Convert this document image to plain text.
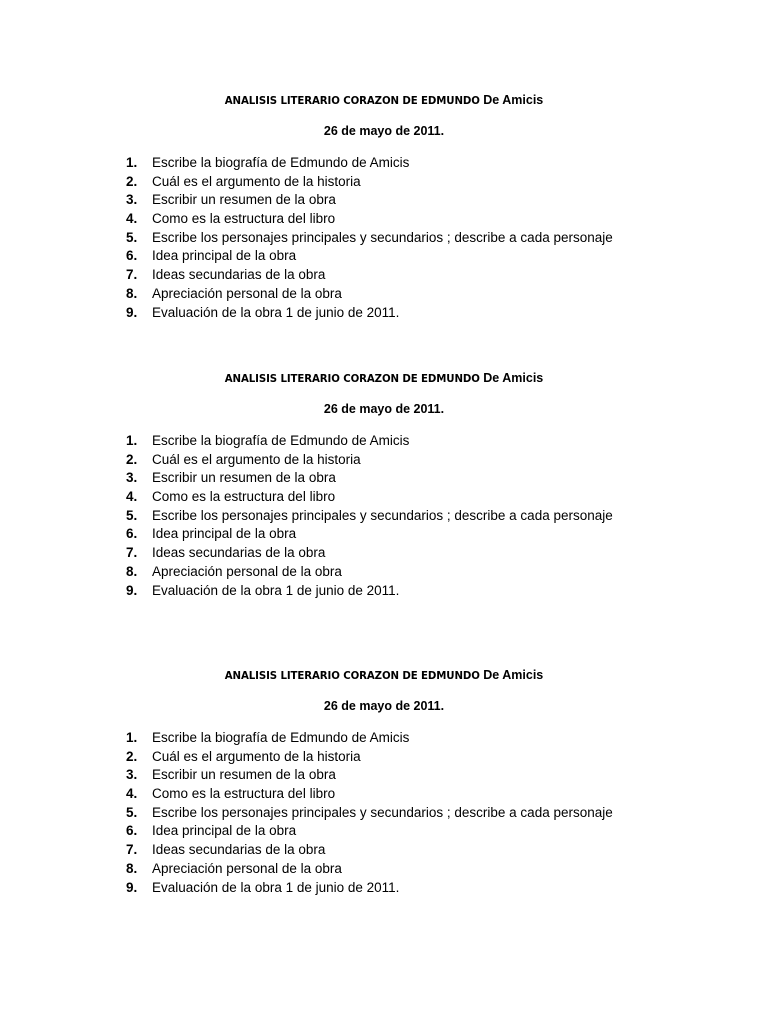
ANALISIS LITERARIO CORAZON DE EDMUNDO De Amicis
26 de mayo de 2011.
1. Escribe la biografía de Edmundo de Amicis
2. Cuál es el argumento de la historia
3. Escribir un resumen de la obra
4. Como es la estructura del libro
5. Escribe los personajes principales y secundarios ; describe a cada personaje
6. Idea principal de la obra
7. Ideas secundarias de la obra
8. Apreciación personal de la obra
9. Evaluación de la obra 1 de junio de 2011.
ANALISIS LITERARIO CORAZON DE EDMUNDO De Amicis
26 de mayo de 2011.
1. Escribe la biografía de Edmundo de Amicis
2. Cuál es el argumento de la historia
3. Escribir un resumen de la obra
4. Como es la estructura del libro
5. Escribe los personajes principales y secundarios ; describe a cada personaje
6. Idea principal de la obra
7. Ideas secundarias de la obra
8. Apreciación personal de la obra
9. Evaluación de la obra 1 de junio de 2011.
ANALISIS LITERARIO CORAZON DE EDMUNDO De Amicis
26 de mayo de 2011.
1. Escribe la biografía de Edmundo de Amicis
2. Cuál es el argumento de la historia
3. Escribir un resumen de la obra
4. Como es la estructura del libro
5. Escribe los personajes principales y secundarios ; describe a cada personaje
6. Idea principal de la obra
7. Ideas secundarias de la obra
8. Apreciación personal de la obra
9. Evaluación de la obra 1 de junio de 2011.
